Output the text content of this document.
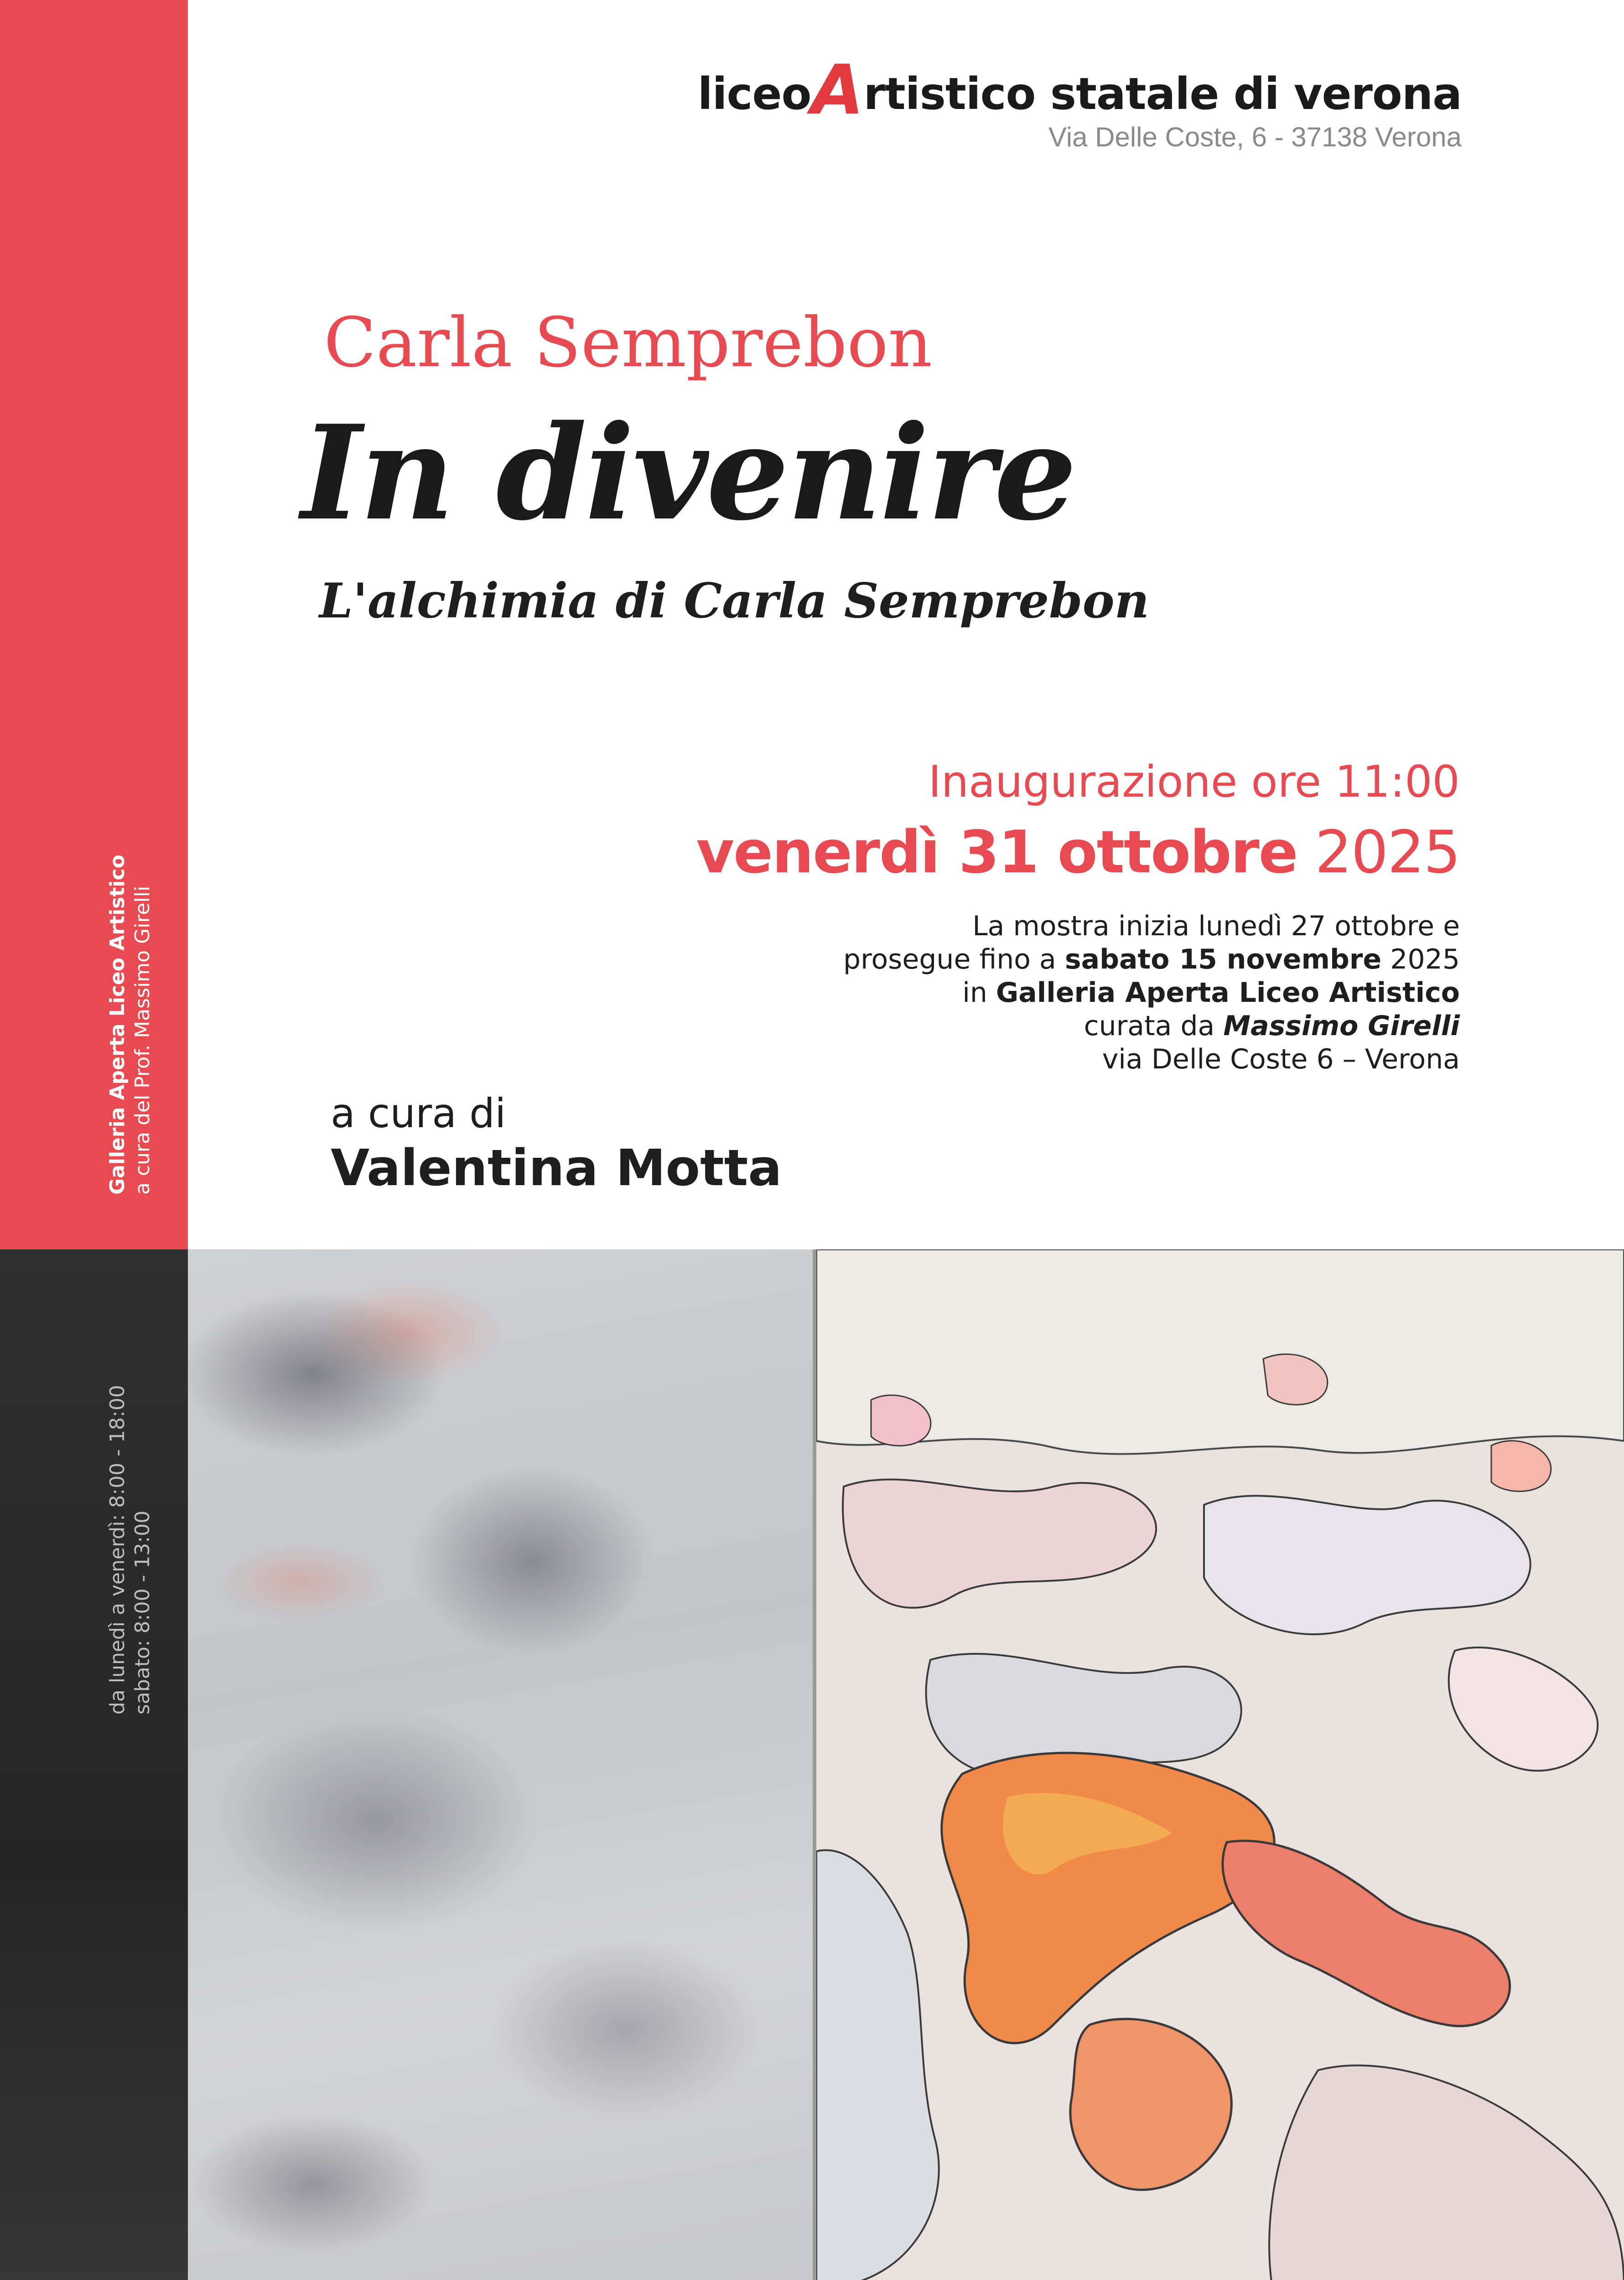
Galleria Aperta Liceo Artistico a cura del Prof. Massimo Girelli
da lunedì a venerdì: 8:00 - 18:00 sabato: 8:00 - 13:00
liceoArtistico statale di verona
Via Delle Coste, 6 - 37138 Verona
Carla Semprebon
In divenire
L'alchimia di Carla Semprebon
Inaugurazione ore 11:00
venerdì 31 ottobre 2025
La mostra inizia lunedì 27 ottobre e
prosegue fino a sabato 15 novembre 2025
in Galleria Aperta Liceo Artistico
curata da Massimo Girelli
via Delle Coste 6 – Verona
a cura di
Valentina Motta
